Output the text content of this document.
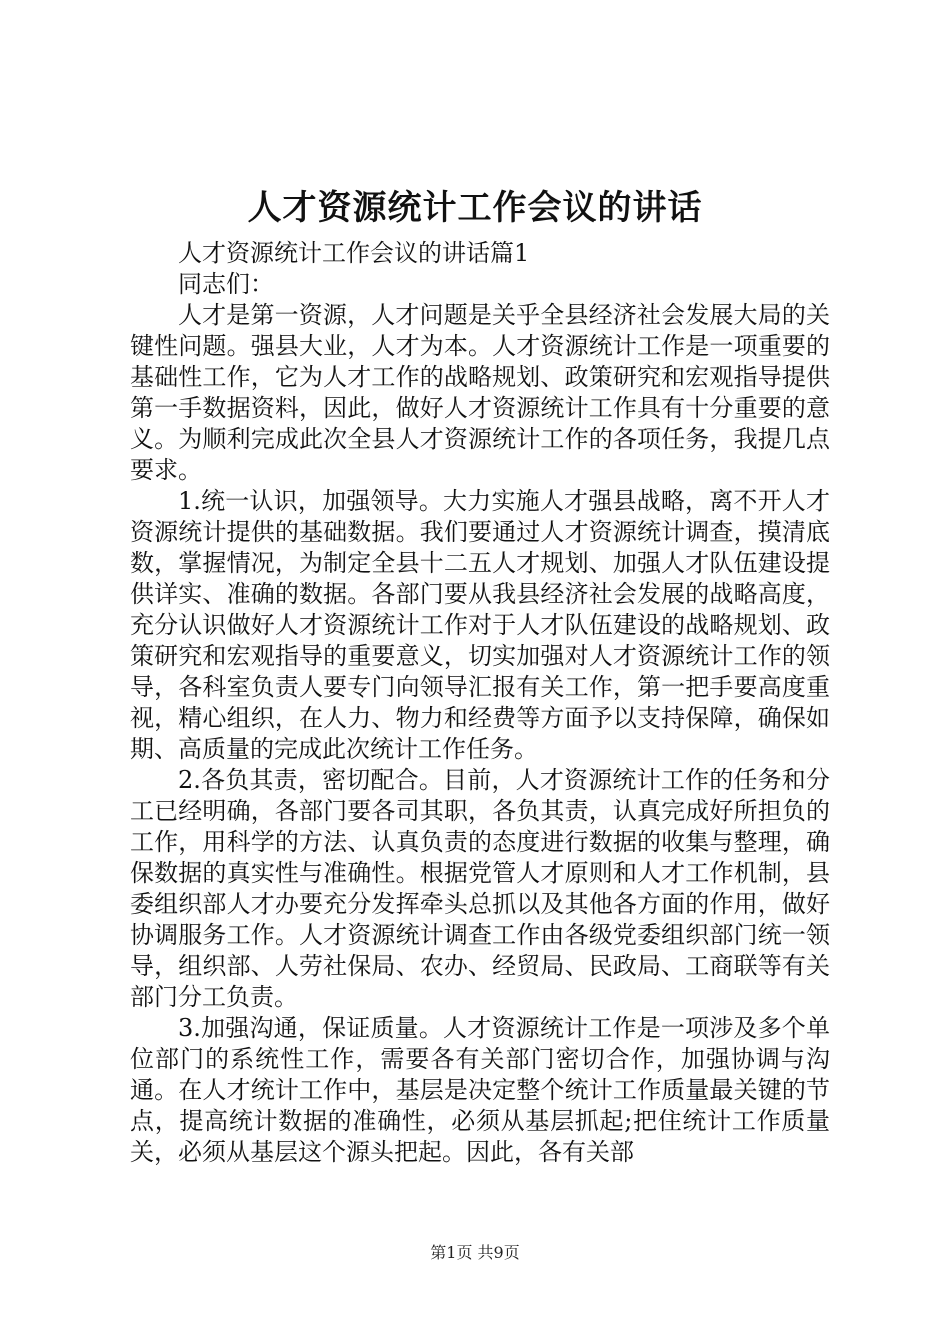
人才资源统计工作会议的讲话

人才资源统计工作会议的讲话篇1

同志们：

人才是第一资源，人才问题是关乎全县经济社会发展大局的关键性问题。强县大业，人才为本。人才资源统计工作是一项重要的基础性工作，它为人才工作的战略规划、政策研究和宏观指导提供第一手数据资料，因此，做好人才资源统计工作具有十分重要的意义。为顺利完成此次全县人才资源统计工作的各项任务，我提几点要求。

1.统一认识，加强领导。大力实施人才强县战略，离不开人才资源统计提供的基础数据。我们要通过人才资源统计调查，摸清底数，掌握情况，为制定全县十二五人才规划、加强人才队伍建设提供详实、准确的数据。各部门要从我县经济社会发展的战略高度，充分认识做好人才资源统计工作对于人才队伍建设的战略规划、政策研究和宏观指导的重要意义，切实加强对人才资源统计工作的领导，各科室负责人要专门向领导汇报有关工作，第一把手要高度重视，精心组织，在人力、物力和经费等方面予以支持保障，确保如期、高质量的完成此次统计工作任务。

2.各负其责，密切配合。目前，人才资源统计工作的任务和分工已经明确，各部门要各司其职，各负其责，认真完成好所担负的工作，用科学的方法、认真负责的态度进行数据的收集与整理，确保数据的真实性与准确性。根据党管人才原则和人才工作机制，县委组织部人才办要充分发挥牵头总抓以及其他各方面的作用，做好协调服务工作。人才资源统计调查工作由各级党委组织部门统一领导，组织部、人劳社保局、农办、经贸局、民政局、工商联等有关部门分工负责。

3.加强沟通，保证质量。人才资源统计工作是一项涉及多个单位部门的系统性工作，需要各有关部门密切合作，加强协调与沟通。在人才统计工作中，基层是决定整个统计工作质量最关键的节点，提高统计数据的准确性，必须从基层抓起;把住统计工作质量关，必须从基层这个源头把起。因此，各有关部

第1页 共9页
